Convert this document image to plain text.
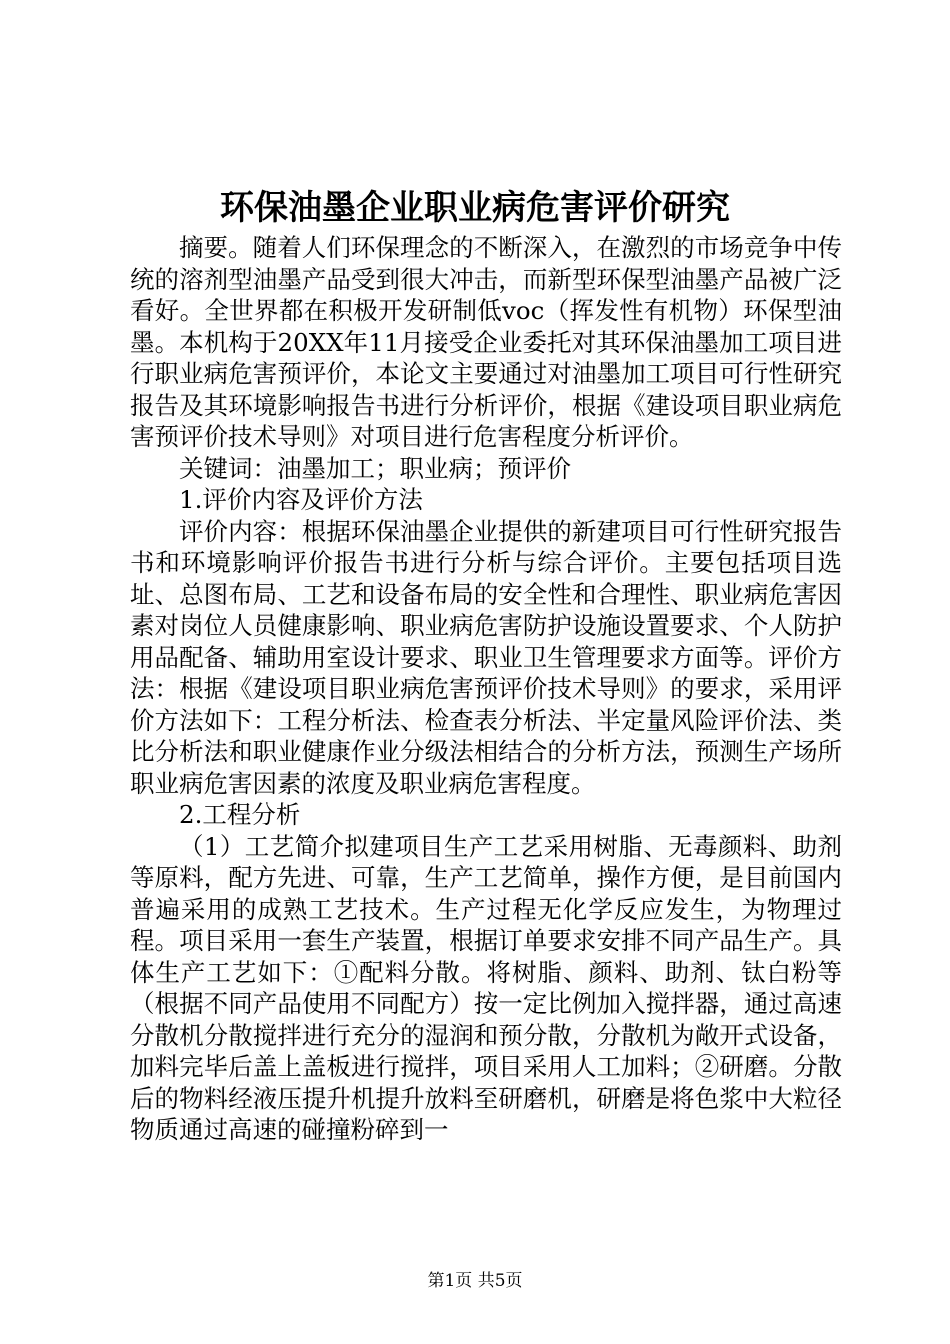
环保油墨企业职业病危害评价研究

摘要。随着人们环保理念的不断深入，在激烈的市场竞争中传统的溶剂型油墨产品受到很大冲击，而新型环保型油墨产品被广泛看好。全世界都在积极开发研制低voc（挥发性有机物）环保型油墨。本机构于20XX年11月接受企业委托对其环保油墨加工项目进行职业病危害预评价，本论文主要通过对油墨加工项目可行性研究报告及其环境影响报告书进行分析评价，根据《建设项目职业病危害预评价技术导则》对项目进行危害程度分析评价。

关键词：油墨加工；职业病；预评价

1.评价内容及评价方法

评价内容：根据环保油墨企业提供的新建项目可行性研究报告书和环境影响评价报告书进行分析与综合评价。主要包括项目选址、总图布局、工艺和设备布局的安全性和合理性、职业病危害因素对岗位人员健康影响、职业病危害防护设施设置要求、个人防护用品配备、辅助用室设计要求、职业卫生管理要求方面等。评价方法：根据《建设项目职业病危害预评价技术导则》的要求，采用评价方法如下：工程分析法、检查表分析法、半定量风险评价法、类比分析法和职业健康作业分级法相结合的分析方法，预测生产场所职业病危害因素的浓度及职业病危害程度。

2.工程分析

（1）工艺简介拟建项目生产工艺采用树脂、无毒颜料、助剂等原料，配方先进、可靠，生产工艺简单，操作方便，是目前国内普遍采用的成熟工艺技术。生产过程无化学反应发生，为物理过程。项目采用一套生产装置，根据订单要求安排不同产品生产。具体生产工艺如下：①配料分散。将树脂、颜料、助剂、钛白粉等（根据不同产品使用不同配方）按一定比例加入搅拌器，通过高速分散机分散搅拌进行充分的湿润和预分散，分散机为敞开式设备，加料完毕后盖上盖板进行搅拌，项目采用人工加料；②研磨。分散后的物料经液压提升机提升放料至研磨机，研磨是将色浆中大粒径物质通过高速的碰撞粉碎到一

第1页 共5页
